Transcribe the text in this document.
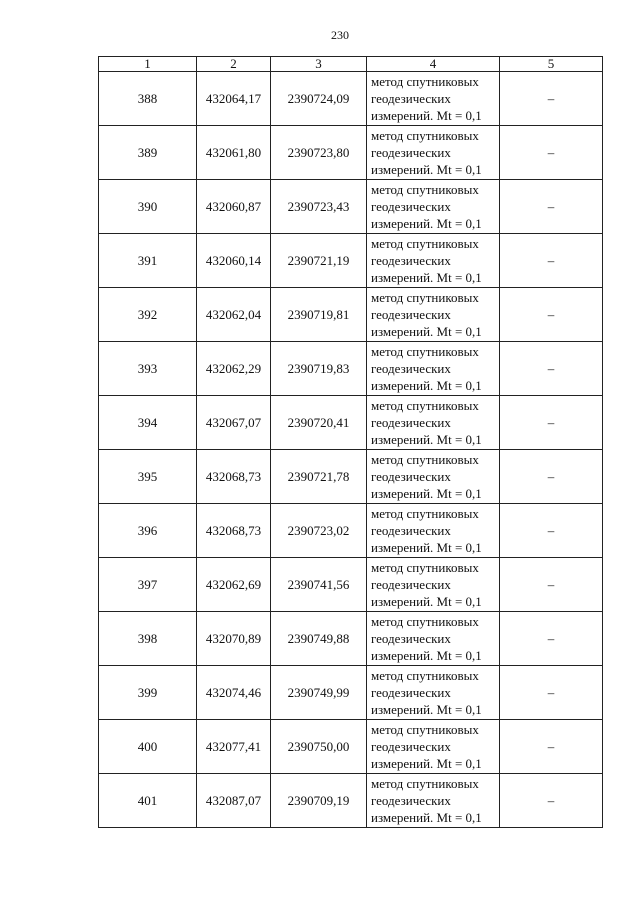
230
1	2	3	4	5
388	432064,17	2390724,09	метод спутниковых
геодезических
измерений. Mt = 0,1	–
389	432061,80	2390723,80	метод спутниковых
геодезических
измерений. Mt = 0,1	–
390	432060,87	2390723,43	метод спутниковых
геодезических
измерений. Mt = 0,1	–
391	432060,14	2390721,19	метод спутниковых
геодезических
измерений. Mt = 0,1	–
392	432062,04	2390719,81	метод спутниковых
геодезических
измерений. Mt = 0,1	–
393	432062,29	2390719,83	метод спутниковых
геодезических
измерений. Mt = 0,1	–
394	432067,07	2390720,41	метод спутниковых
геодезических
измерений. Mt = 0,1	–
395	432068,73	2390721,78	метод спутниковых
геодезических
измерений. Mt = 0,1	–
396	432068,73	2390723,02	метод спутниковых
геодезических
измерений. Mt = 0,1	–
397	432062,69	2390741,56	метод спутниковых
геодезических
измерений. Mt = 0,1	–
398	432070,89	2390749,88	метод спутниковых
геодезических
измерений. Mt = 0,1	–
399	432074,46	2390749,99	метод спутниковых
геодезических
измерений. Mt = 0,1	–
400	432077,41	2390750,00	метод спутниковых
геодезических
измерений. Mt = 0,1	–
401	432087,07	2390709,19	метод спутниковых
геодезических
измерений. Mt = 0,1	–
